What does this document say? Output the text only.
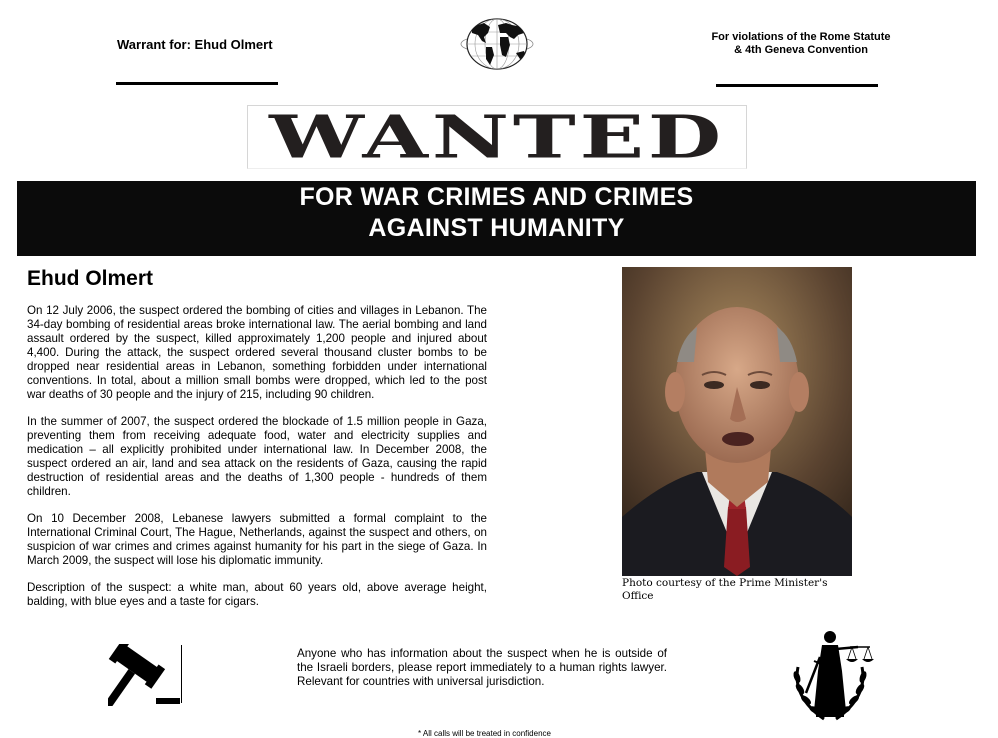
Warrant for: Ehud Olmert	For violations of the Rome Statute
& 4th Geneva Convention
WANTED
FOR WAR CRIMES AND CRIMES
AGAINST HUMANITY
Ehud Olmert

On 12 July 2006, the suspect ordered the bombing of cities and villages in Lebanon. The 34-day bombing of residential areas broke international law. The aerial bombing and land assault ordered by the suspect, killed approximately 1,200 people and injured about 4,400. During the attack, the suspect ordered several thousand cluster bombs to be dropped near residential areas in Lebanon, something forbidden under international conventions. In total, about a million small bombs were dropped, which led to the post war deaths of 30 people and the injury of 215, including 90 children.

In the summer of 2007, the suspect ordered the blockade of 1.5 million people in Gaza, preventing them from receiving adequate food, water and electricity supplies and medication – all explicitly prohibited under international law. In December 2008, the suspect ordered an air, land and sea attack on the residents of Gaza, causing the rapid destruction of residential areas and the deaths of 1,300 people - hundreds of them children.

On 10 December 2008, Lebanese lawyers submitted a formal complaint to the International Criminal Court, The Hague, Netherlands, against the suspect and others, on suspicion of war crimes and crimes against humanity for his part in the siege of Gaza. In March 2009, the suspect will lose his diplomatic immunity.

Description of the suspect: a white man, about 60 years old, above average height, balding, with blue eyes and a taste for cigars.

Photo courtesy of the Prime Minister's Office
Anyone who has information about the suspect when he is outside of the Israeli borders, please report immediately to a human rights lawyer. Relevant for countries with universal jurisdiction.
* All calls will be treated in confidence
